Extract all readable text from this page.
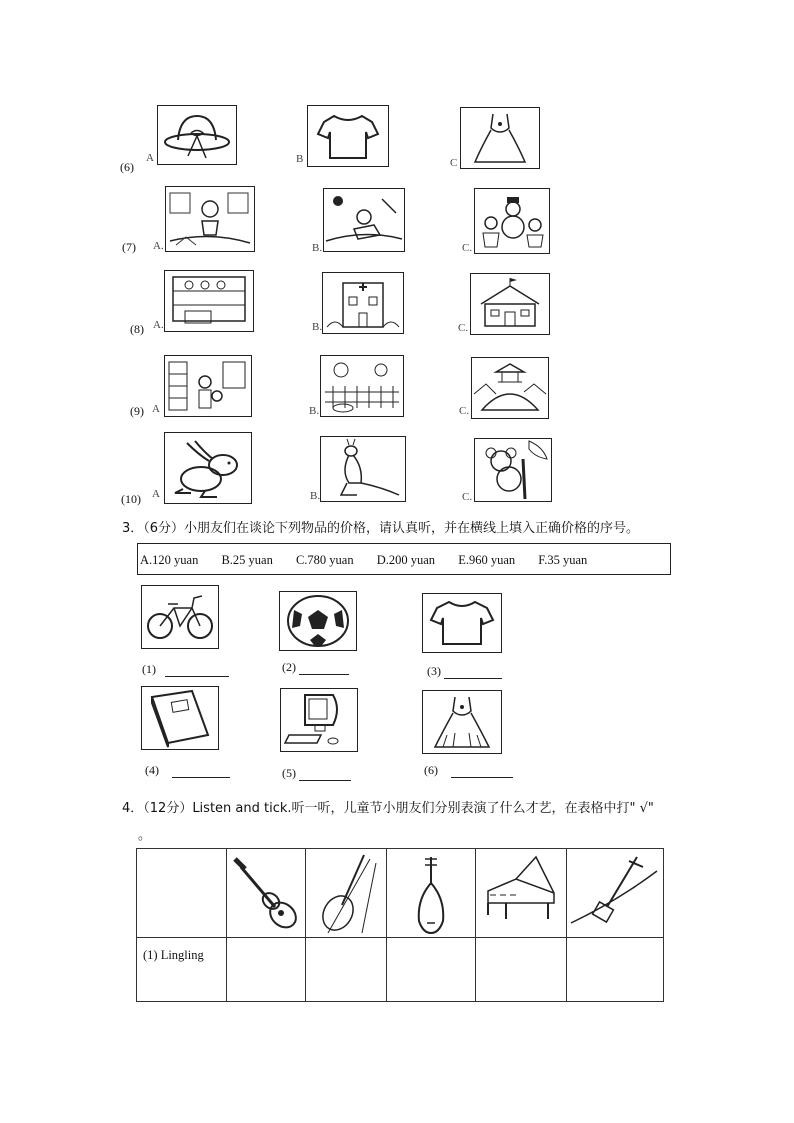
(6)
A	B	C
(7) A.	B.	C.
(8) A.	B.	C.
(9) A	B.	C.
(10) A	B.	C.
3．（6分）小朋友们在谈论下列物品的价格，请认真听，并在横线上填入正确价格的序号。
A.120 yuan B.25 yuan C.780 yuan D.200 yuan E.960 yuan F.35 yuan
(1)	(2)	(3)
(4)	(5)	(6)
4．（12分）Listen and tick.听一听，儿童节小朋友们分别表演了什么才艺，在表格中打" √"
。

(1) Lingling					
